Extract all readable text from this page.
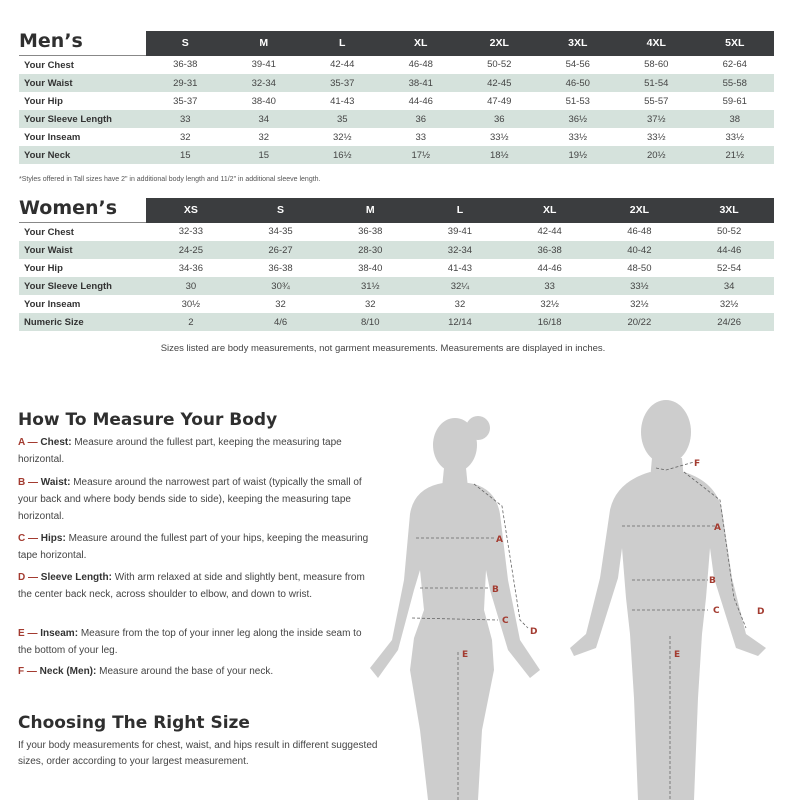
Men’s
		S	M	L	XL	2XL	3XL	4XL	5XL
Your Chest	36-38	39-41	42-44	46-48	50-52	54-56	58-60	62-64
Your Waist	29-31	32-34	35-37	38-41	42-45	46-50	51-54	55-58
Your Hip	35-37	38-40	41-43	44-46	47-49	51-53	55-57	59-61
Your Sleeve Length	33	34	35	36	36	36½	37½	38
Your Inseam	32	32	32½	33	33½	33½	33½	33½
Your Neck	15	15	16½	17½	18½	19½	20½	21½
*Styles offered in Tall sizes have 2" in additional body length and 11/2" in additional sleeve length.
Women’s
		XS	S	M	L	XL	2XL	3XL
Your Chest	32-33	34-35	36-38	39-41	42-44	46-48	50-52
Your Waist	24-25	26-27	28-30	32-34	36-38	40-42	44-46
Your Hip	34-36	36-38	38-40	41-43	44-46	48-50	52-54
Your Sleeve Length	30	30¾	31½	32¼	33	33½	34
Your Inseam	30½	32	32	32	32½	32½	32½
Numeric Size	2	4/6	8/10	12/14	16/18	20/22	24/26
Sizes listed are body measurements, not garment measurements. Measurements are displayed in inches.
How To Measure Your Body
A — Chest: Measure around the fullest part, keeping the measuring tape horizontal.
B — Waist: Measure around the narrowest part of waist (typically the small of your back and where body bends side to side), keeping the measuring tape horizontal.
C — Hips: Measure around the fullest part of your hips, keeping the measuring tape horizontal.
D — Sleeve Length: With arm relaxed at side and slightly bent, measure from the center back neck, across shoulder to elbow, and down to wrist.
E — Inseam: Measure from the top of your inner leg along the inside seam to the bottom of your leg.
F — Neck (Men): Measure around the base of your neck.
Choosing The Right Size
If your body measurements for chest, waist, and hips result in different suggested sizes, order according to your largest measurement.
A
B
C
D
E
F
A
B
C	D
E
